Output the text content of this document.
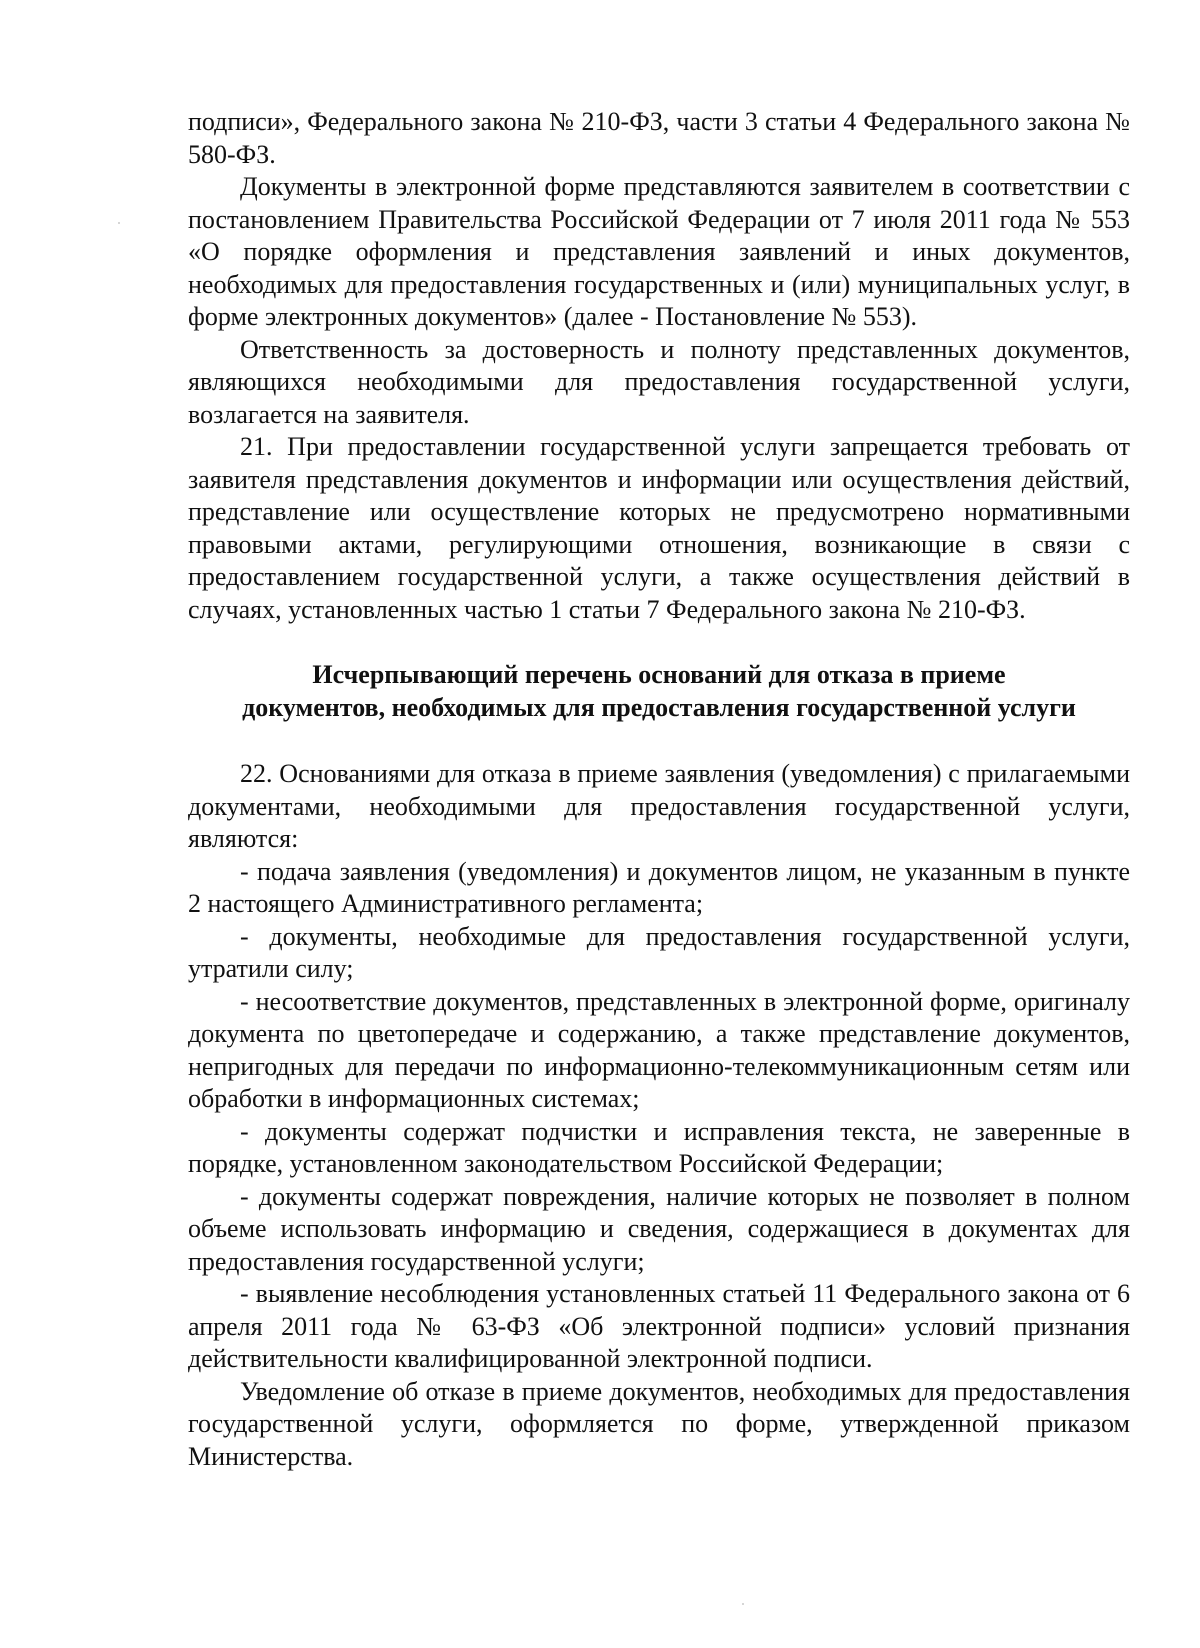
подписи», Федерального закона № 210-ФЗ, части 3 статьи 4 Федерального закона № 580-ФЗ.

Документы в электронной форме представляются заявителем в соответствии с постановлением Правительства Российской Федерации от 7 июля 2011 года № 553 «О порядке оформления и представления заявлений и иных документов, необходимых для предоставления государственных и (или) муниципальных услуг, в форме электронных документов» (далее - Постановление № 553).

Ответственность за достоверность и полноту представленных документов, являющихся необходимыми для предоставления государственной услуги, возлагается на заявителя.

21. При предоставлении государственной услуги запрещается требовать от заявителя представления документов и информации или осуществления действий, представление или осуществление которых не предусмотрено нормативными правовыми актами, регулирующими отношения, возникающие в связи с предоставлением государственной услуги, а также осуществления действий в случаях, установленных частью 1 статьи 7 Федерального закона № 210-ФЗ.

Исчерпывающий перечень оснований для отказа в приеме
документов, необходимых для предоставления государственной услуги

22. Основаниями для отказа в приеме заявления (уведомления) с прилагаемыми документами, необходимыми для предоставления государственной услуги, являются:

- подача заявления (уведомления) и документов лицом, не указанным в пункте 2 настоящего Административного регламента;

- документы, необходимые для предоставления государственной услуги, утратили силу;

- несоответствие документов, представленных в электронной форме, оригиналу документа по цветопередаче и содержанию, а также представление документов, непригодных для передачи по информационно-телекоммуникационным сетям или обработки в информационных системах;

- документы содержат подчистки и исправления текста, не заверенные в порядке, установленном законодательством Российской Федерации;

- документы содержат повреждения, наличие которых не позволяет в полном объеме использовать информацию и сведения, содержащиеся в документах для предоставления государственной услуги;

- выявление несоблюдения установленных статьей 11 Федерального закона от 6 апреля 2011 года № 63-ФЗ «Об электронной подписи» условий признания действительности квалифицированной электронной подписи.

Уведомление об отказе в приеме документов, необходимых для предоставления государственной услуги, оформляется по форме, утвержденной приказом Министерства.
